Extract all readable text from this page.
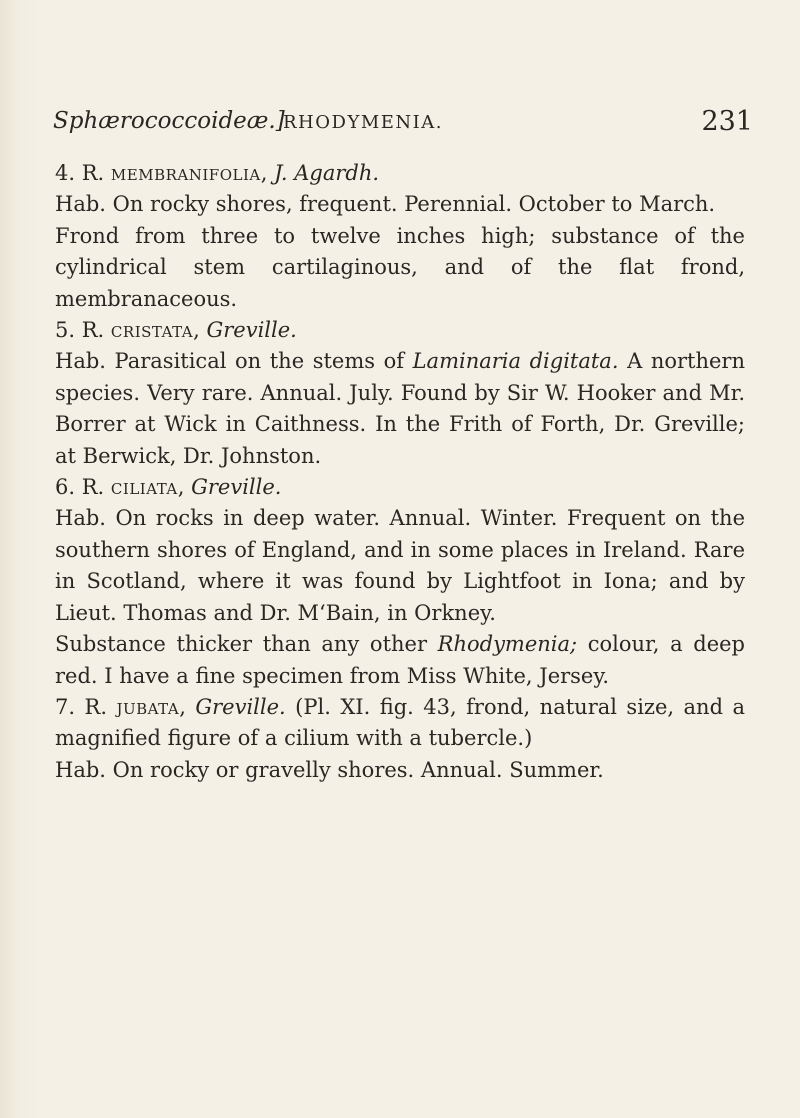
Sphærococcoideæ.]
RHODYMENIA.	231

4. R. membranifolia, J. Agardh.

Hab. On rocky shores, frequent. Perennial. October to March.

Frond from three to twelve inches high; substance of the cylindrical stem cartilaginous, and of the flat frond, membranaceous.

5. R. cristata, Greville.

Hab. Parasitical on the stems of Laminaria digitata. A northern species. Very rare. Annual. July. Found by Sir W. Hooker and Mr. Borrer at Wick in Caithness. In the Frith of Forth, Dr. Greville; at Berwick, Dr. Johnston.

6. R. ciliata, Greville.

Hab. On rocks in deep water. Annual. Winter. Frequent on the southern shores of England, and in some places in Ireland. Rare in Scotland, where it was found by Lightfoot in Iona; and by Lieut. Thomas and Dr. M‘Bain, in Orkney.

Substance thicker than any other Rhodymenia; colour, a deep red. I have a fine specimen from Miss White, Jersey.

7. R. jubata, Greville. (Pl. XI. fig. 43, frond, natural size, and a magnified figure of a cilium with a tubercle.)

Hab. On rocky or gravelly shores. Annual. Summer.
